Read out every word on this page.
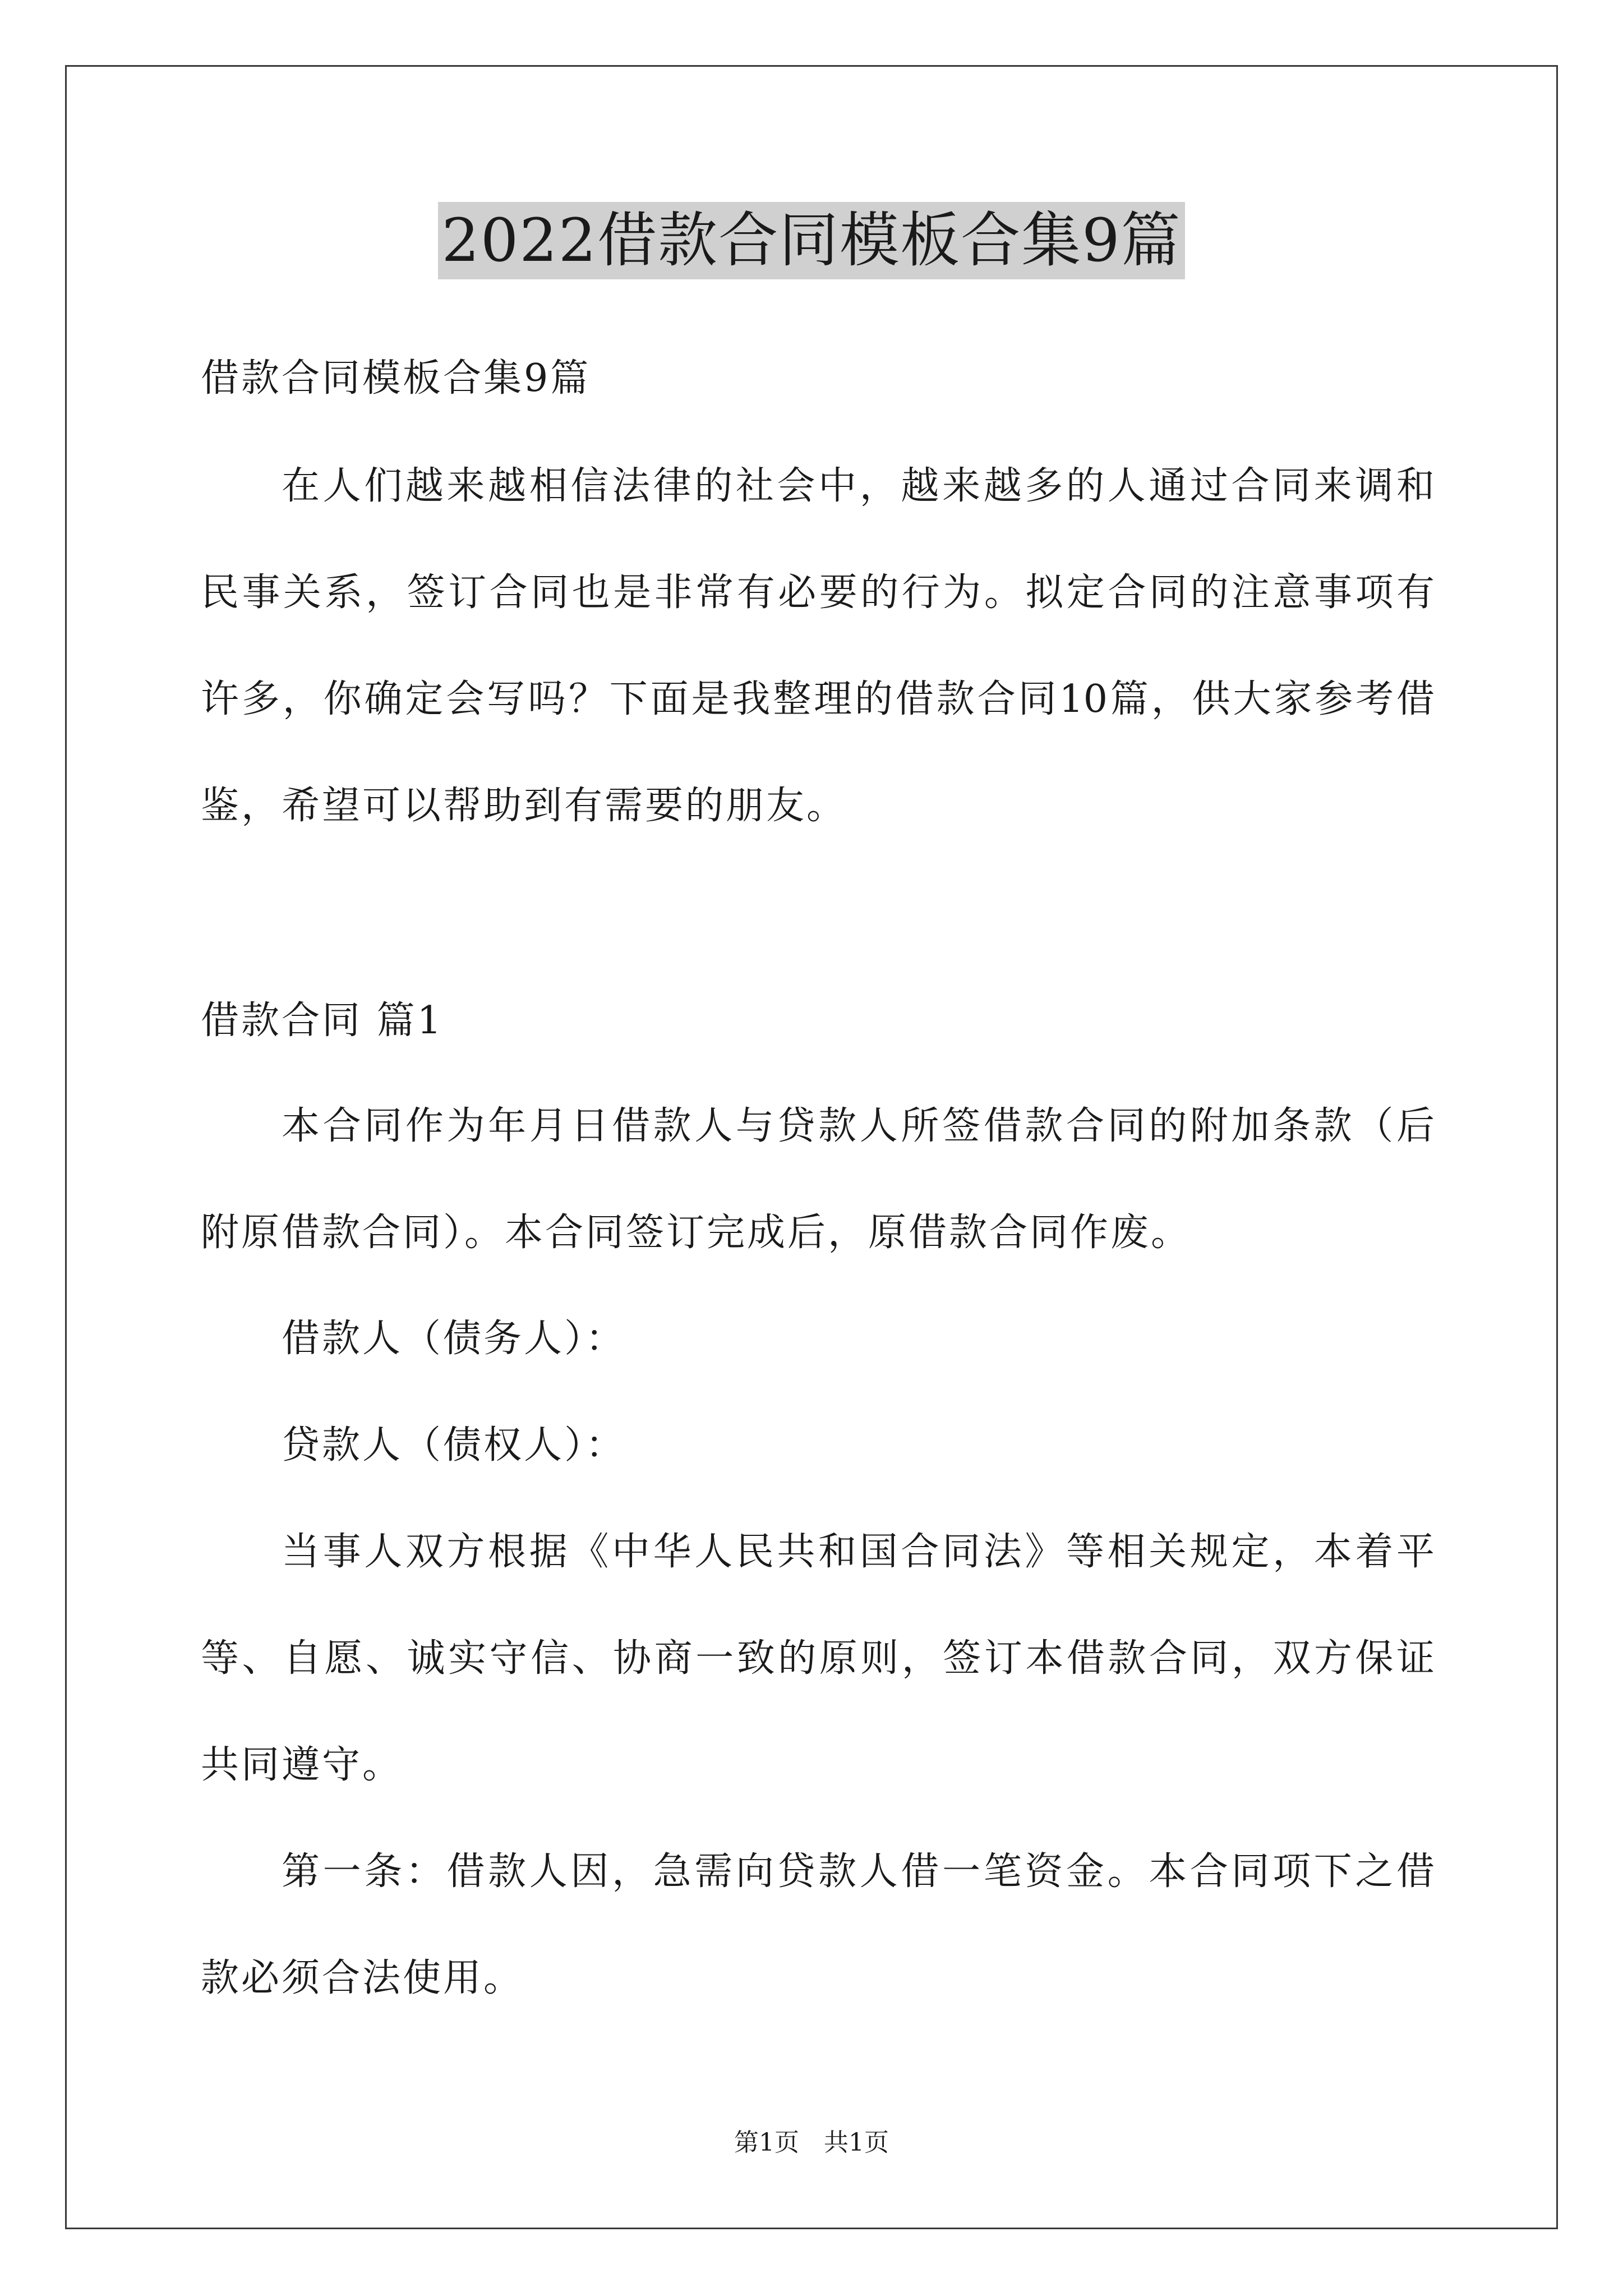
2022借款合同模板合集9篇
借款合同模板合集9篇
在人们越来越相信法律的社会中，越来越多的人通过合同来调和
民事关系，签订合同也是非常有必要的行为。拟定合同的注意事项有
许多，你确定会写吗？下面是我整理的借款合同10篇，供大家参考借
鉴，希望可以帮助到有需要的朋友。
借款合同 篇1
本合同作为年月日借款人与贷款人所签借款合同的附加条款（后
附原借款合同）。本合同签订完成后，原借款合同作废。
借款人（债务人）：
贷款人（债权人）：
当事人双方根据《中华人民共和国合同法》等相关规定，本着平
等、自愿、诚实守信、协商一致的原则，签订本借款合同，双方保证
共同遵守。
第一条：借款人因，急需向贷款人借一笔资金。本合同项下之借
款必须合法使用。
第1页　共1页
